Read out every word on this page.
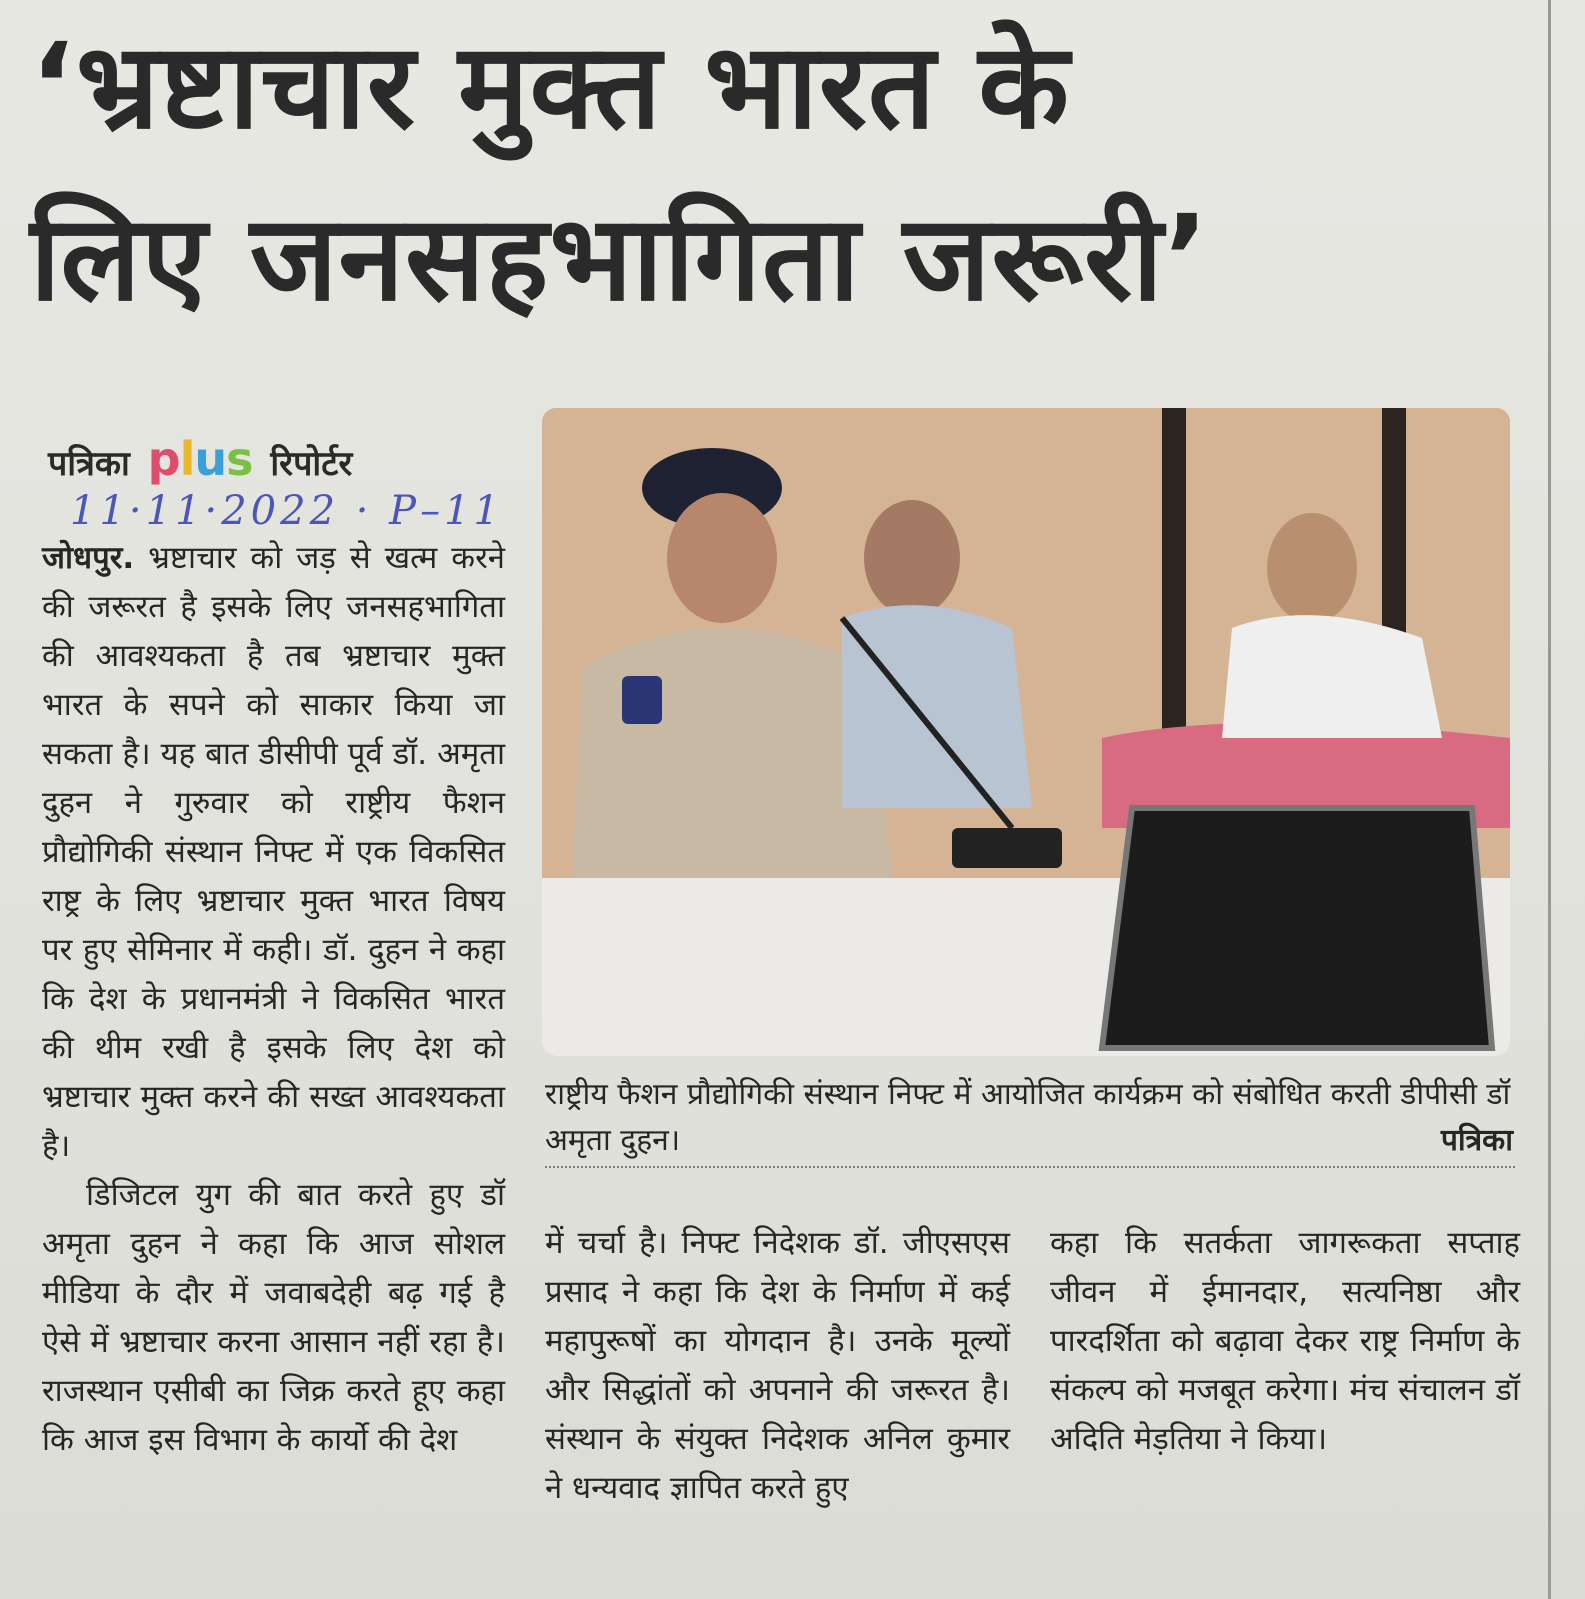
‘भ्रष्टाचार मुक्त भारत के
लिए जनसहभागिता जरूरी’
पत्रिका plus रिपोर्टर
11·11·2022 · P–11

जोधपुर. भ्रष्टाचार को जड़ से खत्म करने की जरूरत है इसके लिए जनसहभागिता की आवश्यकता है तब भ्रष्टाचार मुक्त भारत के सपने को साकार किया जा सकता है। यह बात डीसीपी पूर्व डॉ. अमृता दुहन ने गुरुवार को राष्ट्रीय फैशन प्रौद्योगिकी संस्थान निफ्ट में एक विकसित राष्ट्र के लिए भ्रष्टाचार मुक्त भारत विषय पर हुए सेमिनार में कही। डॉ. दुहन ने कहा कि देश के प्रधानमंत्री ने विकसित भारत की थीम रखी है इसके लिए देश को भ्रष्टाचार मुक्त करने की सख्त आवश्यकता है।

डिजिटल युग की बात करते हुए डॉ अमृता दुहन ने कहा कि आज सोशल मीडिया के दौर में जवाबदेही बढ़ गई है ऐसे में भ्रष्टाचार करना आसान नहीं रहा है। राजस्थान एसीबी का जिक्र करते हूए कहा कि आज इस विभाग के कार्यो की देश

राष्ट्रीय फैशन प्रौद्योगिकी संस्थान निफ्ट में आयोजित कार्यक्रम को संबोधित करती डीपीसी डॉ अमृता दुहन।	पत्रिका

में चर्चा है। निफ्ट निदेशक डॉ. जीएसएस प्रसाद ने कहा कि देश के निर्माण में कई महापुरूषों का योगदान है। उनके मूल्यों और सिद्धांतों को अपनाने की जरूरत है। संस्थान के संयुक्त निदेशक अनिल कुमार ने धन्यवाद ज्ञापित करते हुए

कहा कि सतर्कता जागरूकता सप्ताह जीवन में ईमानदार, सत्यनिष्ठा और पारदर्शिता को बढ़ावा देकर राष्ट्र निर्माण के संकल्प को मजबूत करेगा। मंच संचालन डॉ अदिति मेड़तिया ने किया।
